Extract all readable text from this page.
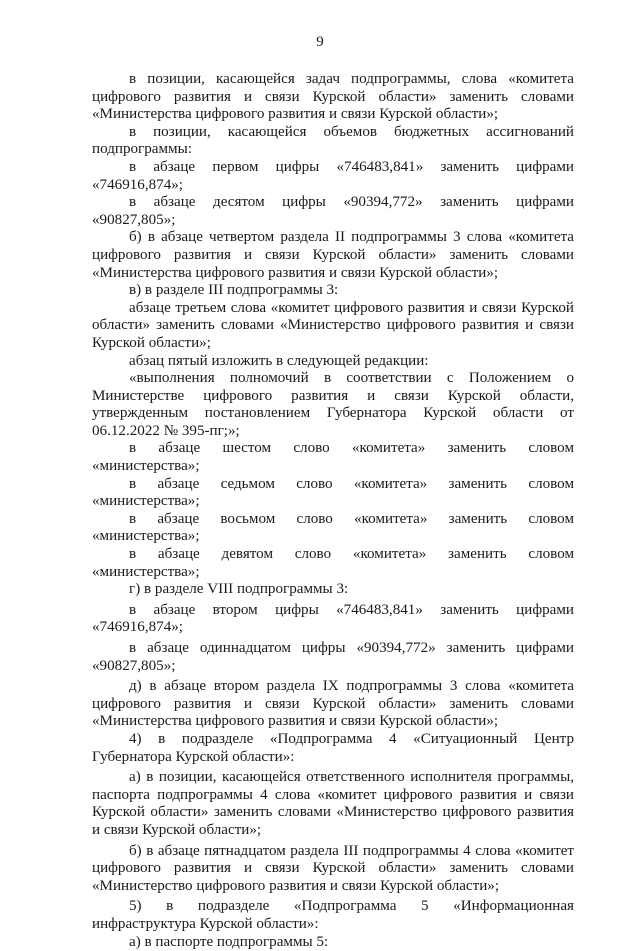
9

в позиции, касающейся задач подпрограммы, слова «комитета цифрового развития и связи Курской области» заменить словами «Министерства цифрового развития и связи Курской области»;

в позиции, касающейся объемов бюджетных ассигнований подпрограммы:

в абзаце первом цифры «746483,841» заменить цифрами «746916,874»;

в абзаце десятом цифры «90394,772» заменить цифрами «90827,805»;

б) в абзаце четвертом раздела II подпрограммы 3 слова «комитета цифрового развития и связи Курской области» заменить словами «Министерства цифрового развития и связи Курской области»;

в) в разделе III подпрограммы 3:

абзаце третьем слова «комитет цифрового развития и связи Курской области» заменить словами «Министерство цифрового развития и связи Курской области»;

абзац пятый изложить в следующей редакции:

«выполнения полномочий в соответствии с Положением о Министерстве цифрового развития и связи Курской области, утвержденным постановлением Губернатора Курской области от 06.12.2022 № 395-пг;»;

в абзаце шестом слово «комитета» заменить словом «министерства»;

в абзаце седьмом слово «комитета» заменить словом «министерства»;

в абзаце восьмом слово «комитета» заменить словом «министерства»;

в абзаце девятом слово «комитета» заменить словом «министерства»;

г) в разделе VIII подпрограммы 3:

в абзаце втором цифры «746483,841» заменить цифрами «746916,874»;

в абзаце одиннадцатом цифры «90394,772» заменить цифрами «90827,805»;

д) в абзаце втором раздела IX подпрограммы 3 слова «комитета цифрового развития и связи Курской области» заменить словами «Министерства цифрового развития и связи Курской области»;

4) в подразделе «Подпрограмма 4 «Ситуационный Центр Губернатора Курской области»:

а) в позиции, касающейся ответственного исполнителя программы, паспорта подпрограммы 4 слова «комитет цифрового развития и связи Курской области» заменить словами «Министерство цифрового развития и связи Курской области»;

б) в абзаце пятнадцатом раздела III подпрограммы 4 слова «комитет цифрового развития и связи Курской области» заменить словами «Министерство цифрового развития и связи Курской области»;

5) в подразделе «Подпрограмма 5 «Информационная инфраструктура Курской области»:

а) в паспорте подпрограммы 5:
